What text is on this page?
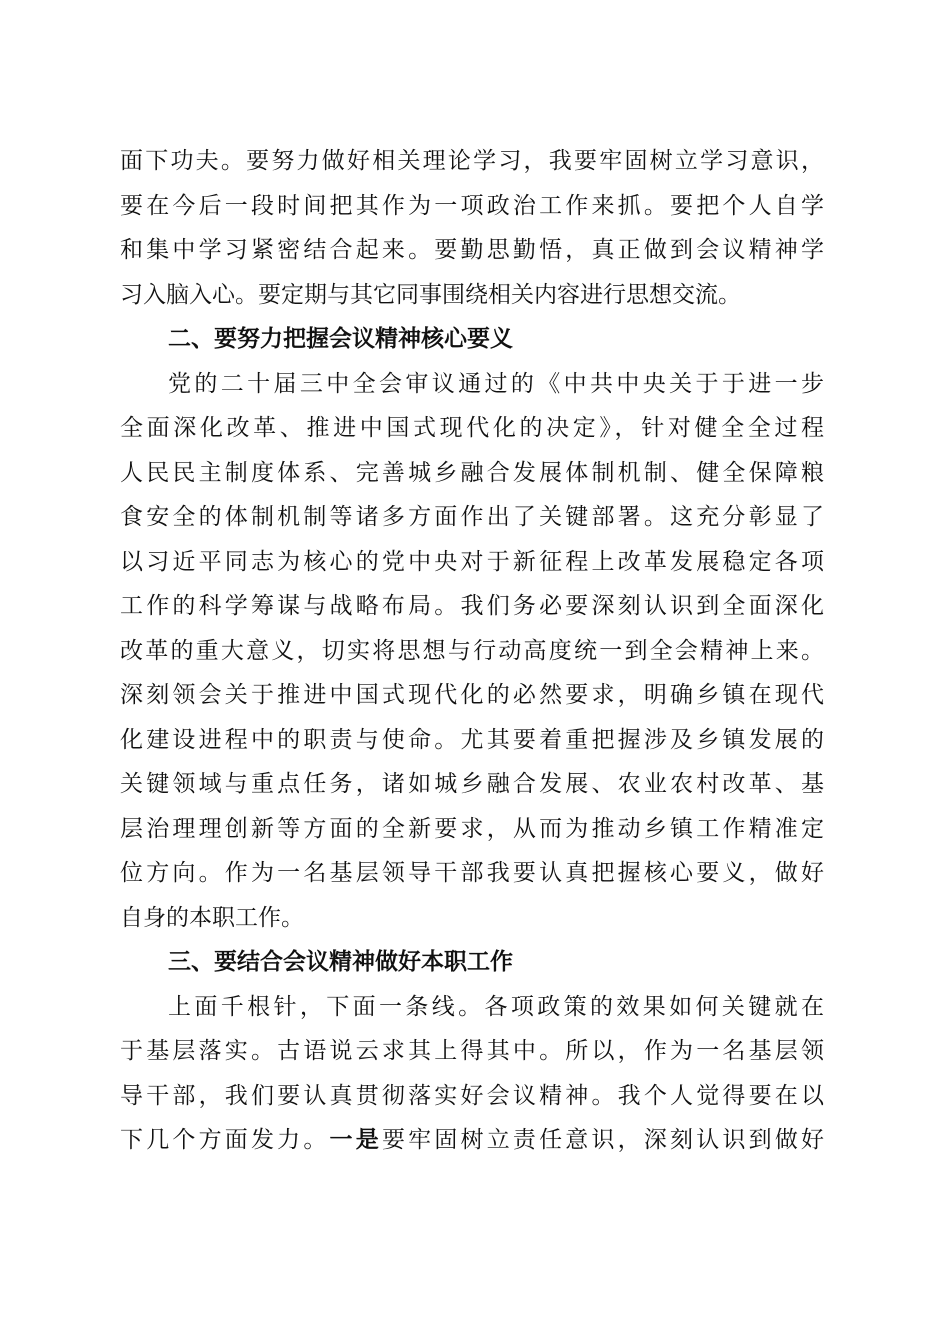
面下功夫。要努力做好相关理论学习，我要牢固树立学习意识，
要在今后一段时间把其作为一项政治工作来抓。要把个人自学
和集中学习紧密结合起来。要勤思勤悟，真正做到会议精神学
习入脑入心。要定期与其它同事围绕相关内容进行思想交流。
二、要努力把握会议精神核心要义
党的二十届三中全会审议通过的《中共中央关于于进一步
全面深化改革、推进中国式现代化的决定》，针对健全全过程
人民民主制度体系、完善城乡融合发展体制机制、健全保障粮
食安全的体制机制等诸多方面作出了关键部署。这充分彰显了
以习近平同志为核心的党中央对于新征程上改革发展稳定各项
工作的科学筹谋与战略布局。我们务必要深刻认识到全面深化
改革的重大意义，切实将思想与行动高度统一到全会精神上来。
深刻领会关于推进中国式现代化的必然要求，明确乡镇在现代
化建设进程中的职责与使命。尤其要着重把握涉及乡镇发展的
关键领域与重点任务，诸如城乡融合发展、农业农村改革、基
层治理理创新等方面的全新要求，从而为推动乡镇工作精准定
位方向。作为一名基层领导干部我要认真把握核心要义，做好
自身的本职工作。
三、要结合会议精神做好本职工作
上面千根针，下面一条线。各项政策的效果如何关键就在
于基层落实。古语说云求其上得其中。所以，作为一名基层领
导干部，我们要认真贯彻落实好会议精神。我个人觉得要在以
下几个方面发力。一是要牢固树立责任意识，深刻认识到做好
